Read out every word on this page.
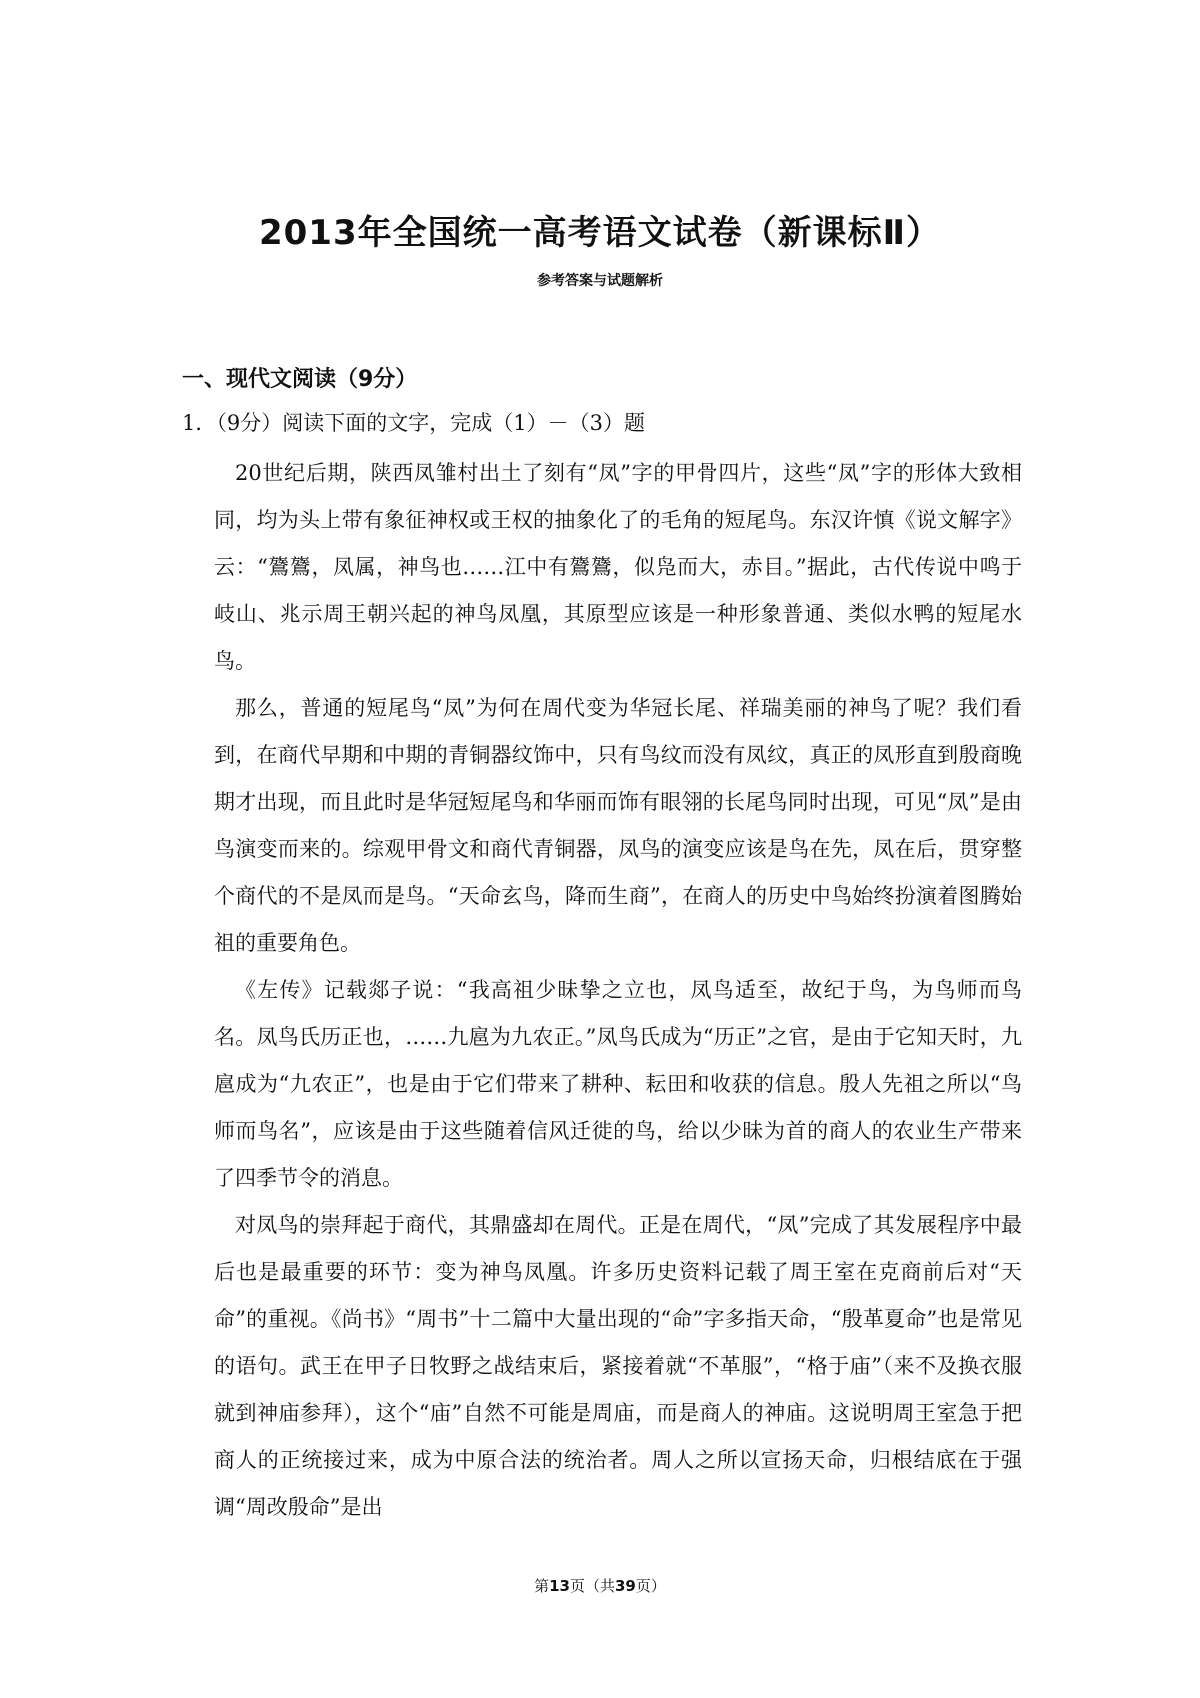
2013年全国统一高考语文试卷（新课标Ⅱ）
参考答案与试题解析
一、现代文阅读（9分）
1．（9分）阅读下面的文字，完成（1）－（3）题

20世纪后期，陕西凤雏村出土了刻有“凤”字的甲骨四片，这些“凤”字的形体大致相同，均为头上带有象征神权或王权的抽象化了的毛角的短尾鸟。东汉许慎《说文解字》云：“鷟鷟，凤属，神鸟也……江中有鷟鷟，似凫而大，赤目。”据此，古代传说中鸣于岐山、兆示周王朝兴起的神鸟凤凰，其原型应该是一种形象普通、类似水鸭的短尾水鸟。

那么，普通的短尾鸟“凤”为何在周代变为华冠长尾、祥瑞美丽的神鸟了呢？我们看到，在商代早期和中期的青铜器纹饰中，只有鸟纹而没有凤纹，真正的凤形直到殷商晚期才出现，而且此时是华冠短尾鸟和华丽而饰有眼翎的长尾鸟同时出现，可见“凤”是由鸟演变而来的。综观甲骨文和商代青铜器，凤鸟的演变应该是鸟在先，凤在后，贯穿整个商代的不是凤而是鸟。“天命玄鸟，降而生商”，在商人的历史中鸟始终扮演着图腾始祖的重要角色。

《左传》记载郯子说：“我高祖少昧挚之立也，凤鸟适至，故纪于鸟，为鸟师而鸟名。凤鸟氏历正也，……九扈为九农正。”凤鸟氏成为“历正”之官，是由于它知天时，九扈成为“九农正”，也是由于它们带来了耕种、耘田和收获的信息。殷人先祖之所以“鸟师而鸟名”，应该是由于这些随着信风迁徙的鸟，给以少昧为首的商人的农业生产带来了四季节令的消息。

对凤鸟的崇拜起于商代，其鼎盛却在周代。正是在周代，“凤”完成了其发展程序中最后也是最重要的环节：变为神鸟凤凰。许多历史资料记载了周王室在克商前后对“天命”的重视。《尚书》“周书”十二篇中大量出现的“命”字多指天命，“殷革夏命”也是常见的语句。武王在甲子日牧野之战结束后，紧接着就“不革服”，“格于庙”（来不及换衣服就到神庙参拜），这个“庙”自然不可能是周庙，而是商人的神庙。这说明周王室急于把商人的正统接过来，成为中原合法的统治者。周人之所以宣扬天命，归根结底在于强调“周改殷命”是出

第13页（共39页）
